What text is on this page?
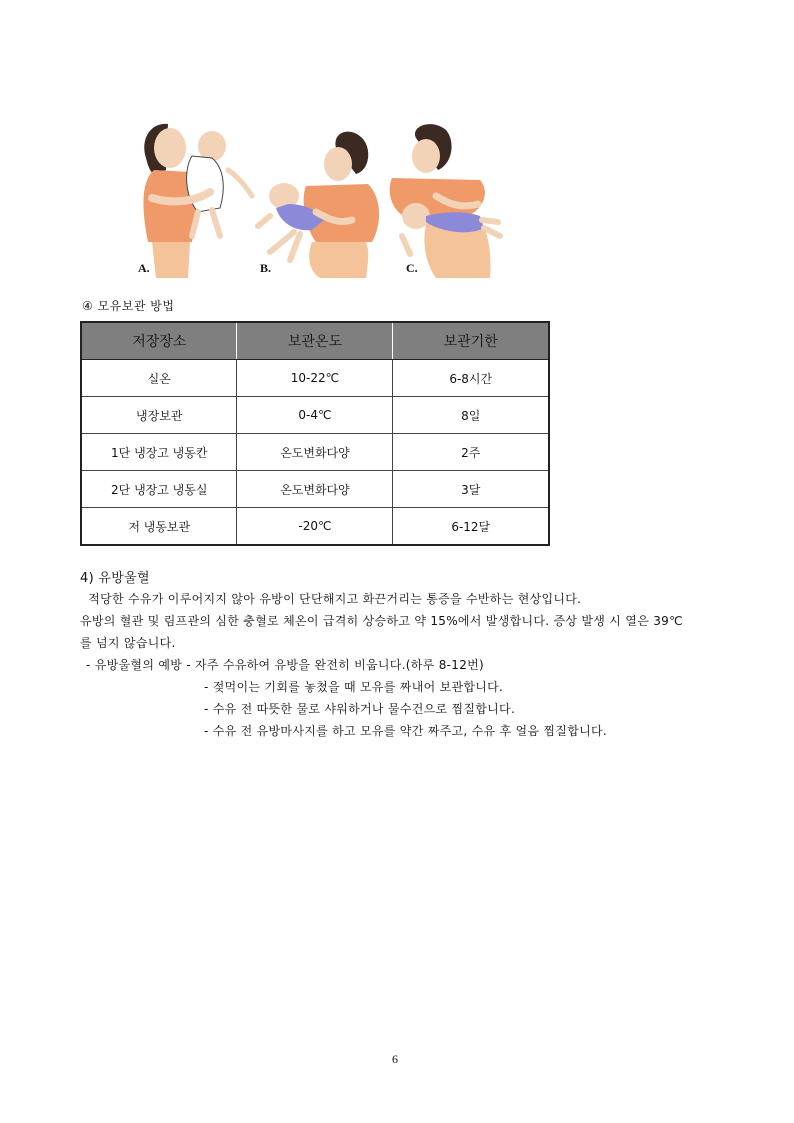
A.	B.	C.
④ 모유보관 방법
저장장소	보관온도	보관기한
실온	10-22℃	6-8시간
냉장보관	0-4℃	8일
1단 냉장고 냉동칸	온도변화다양	2주
2단 냉장고 냉동실	온도변화다양	3달
저 냉동보관	-20℃	6-12달
4) 유방울혈
적당한 수유가 이루어지지 않아 유방이 단단해지고 화끈거리는 통증을 수반하는 현상입니다.
유방의 혈관 및 림프관의 심한 충혈로 체온이 급격히 상승하고 약 15%에서 발생합니다. 증상 발생 시 열은 39℃
를 넘지 않습니다.
- 유방울혈의 예방 - 자주 수유하여 유방을 완전히 비웁니다.(하루 8-12번)
- 젖먹이는 기회를 놓쳤을 때 모유를 짜내어 보관합니다.
- 수유 전 따뜻한 물로 샤워하거나 물수건으로 찜질합니다.
- 수유 전 유방마사지를 하고 모유를 약간 짜주고, 수유 후 얼음 찜질합니다.
6
